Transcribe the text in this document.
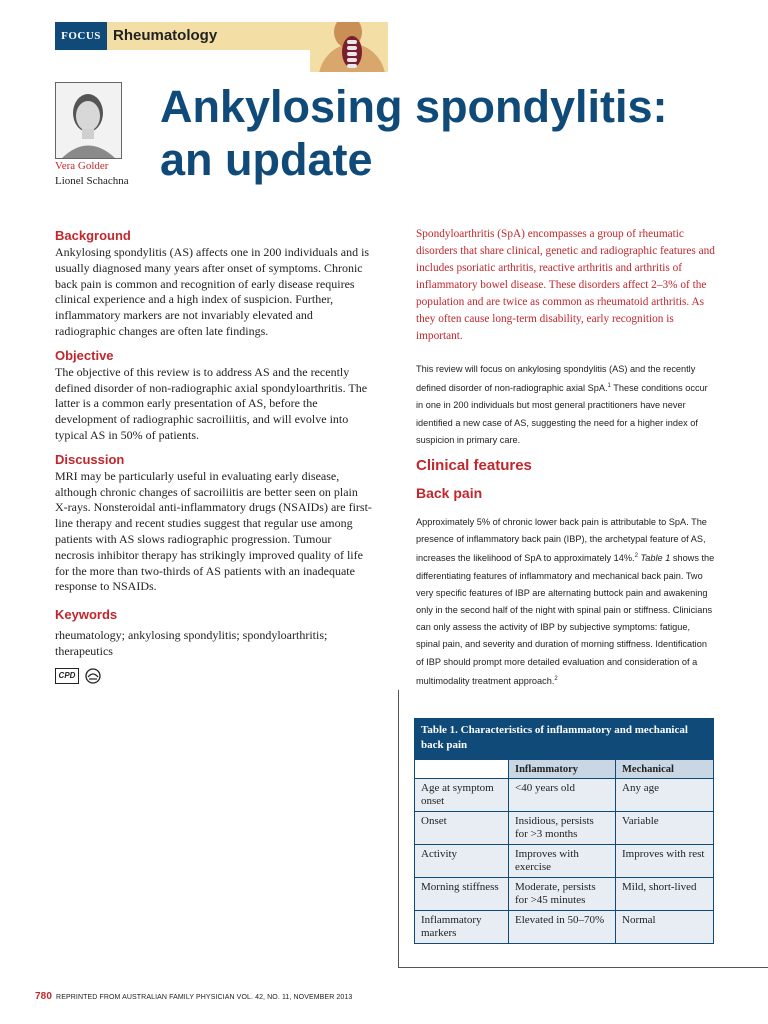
FOCUS Rheumatology
Vera Golder
Lionel Schachna
Ankylosing spondylitis:
an update
Background

Ankylosing spondylitis (AS) affects one in 200 individuals and is usually diagnosed many years after onset of symptoms. Chronic back pain is common and recognition of early disease requires clinical experience and a high index of suspicion. Further, inflammatory markers are not invariably elevated and radiographic changes are often late findings.

Objective

The objective of this review is to address AS and the recently defined disorder of non-radiographic axial spondyloarthritis. The latter is a common early presentation of AS, before the development of radiographic sacroiliitis, and will evolve into typical AS in 50% of patients.

Discussion

MRI may be particularly useful in evaluating early disease, although chronic changes of sacroiliitis are better seen on plain X-rays. Nonsteroidal anti-inflammatory drugs (NSAIDs) are first-line therapy and recent studies suggest that regular use among patients with AS slows radiographic progression. Tumour necrosis inhibitor therapy has strikingly improved quality of life for the more than two-thirds of AS patients with an inadequate response to NSAIDs.

Keywords

rheumatology; ankylosing spondylitis; spondyloarthritis; therapeutics

CPD

Spondyloarthritis (SpA) encompasses a group of rheumatic disorders that share clinical, genetic and radiographic features and includes psoriatic arthritis, reactive arthritis and arthritis of inflammatory bowel disease. These disorders affect 2–3% of the population and are twice as common as rheumatoid arthritis. As they often cause long-term disability, early recognition is important.

This review will focus on ankylosing spondylitis (AS) and the recently defined disorder of non-radiographic axial SpA.$^1$ These conditions occur in one in 200 individuals but most general practitioners have never identified a new case of AS, suggesting the need for a higher index of suspicion in primary care.

Clinical features
Back pain

Approximately 5% of chronic lower back pain is attributable to SpA. The presence of inflammatory back pain (IBP), the archetypal feature of AS, increases the likelihood of SpA to approximately 14%.$^2$ Table 1 shows the differentiating features of inflammatory and mechanical back pain. Two very specific features of IBP are alternating buttock pain and awakening only in the second half of the night with spinal pain or stiffness. Clinicians can only assess the activity of IBP by subjective symptoms: fatigue, spinal pain, and severity and duration of morning stiffness. Identification of IBP should prompt more detailed evaluation and consideration of a multimodality treatment approach.$^2$

Table 1. Characteristics of inflammatory and mechanical back pain
	Inflammatory	Mechanical
Age at symptom onset	<40 years old	Any age
Onset	Insidious, persists for >3 months	Variable
Activity	Improves with exercise	Improves with rest
Morning stiffness	Moderate, persists for >45 minutes	Mild, short-lived
Inflammatory markers	Elevated in 50–70%	Normal
780 REPRINTED FROM AUSTRALIAN FAMILY PHYSICIAN VOL. 42, NO. 11, NOVEMBER 2013
